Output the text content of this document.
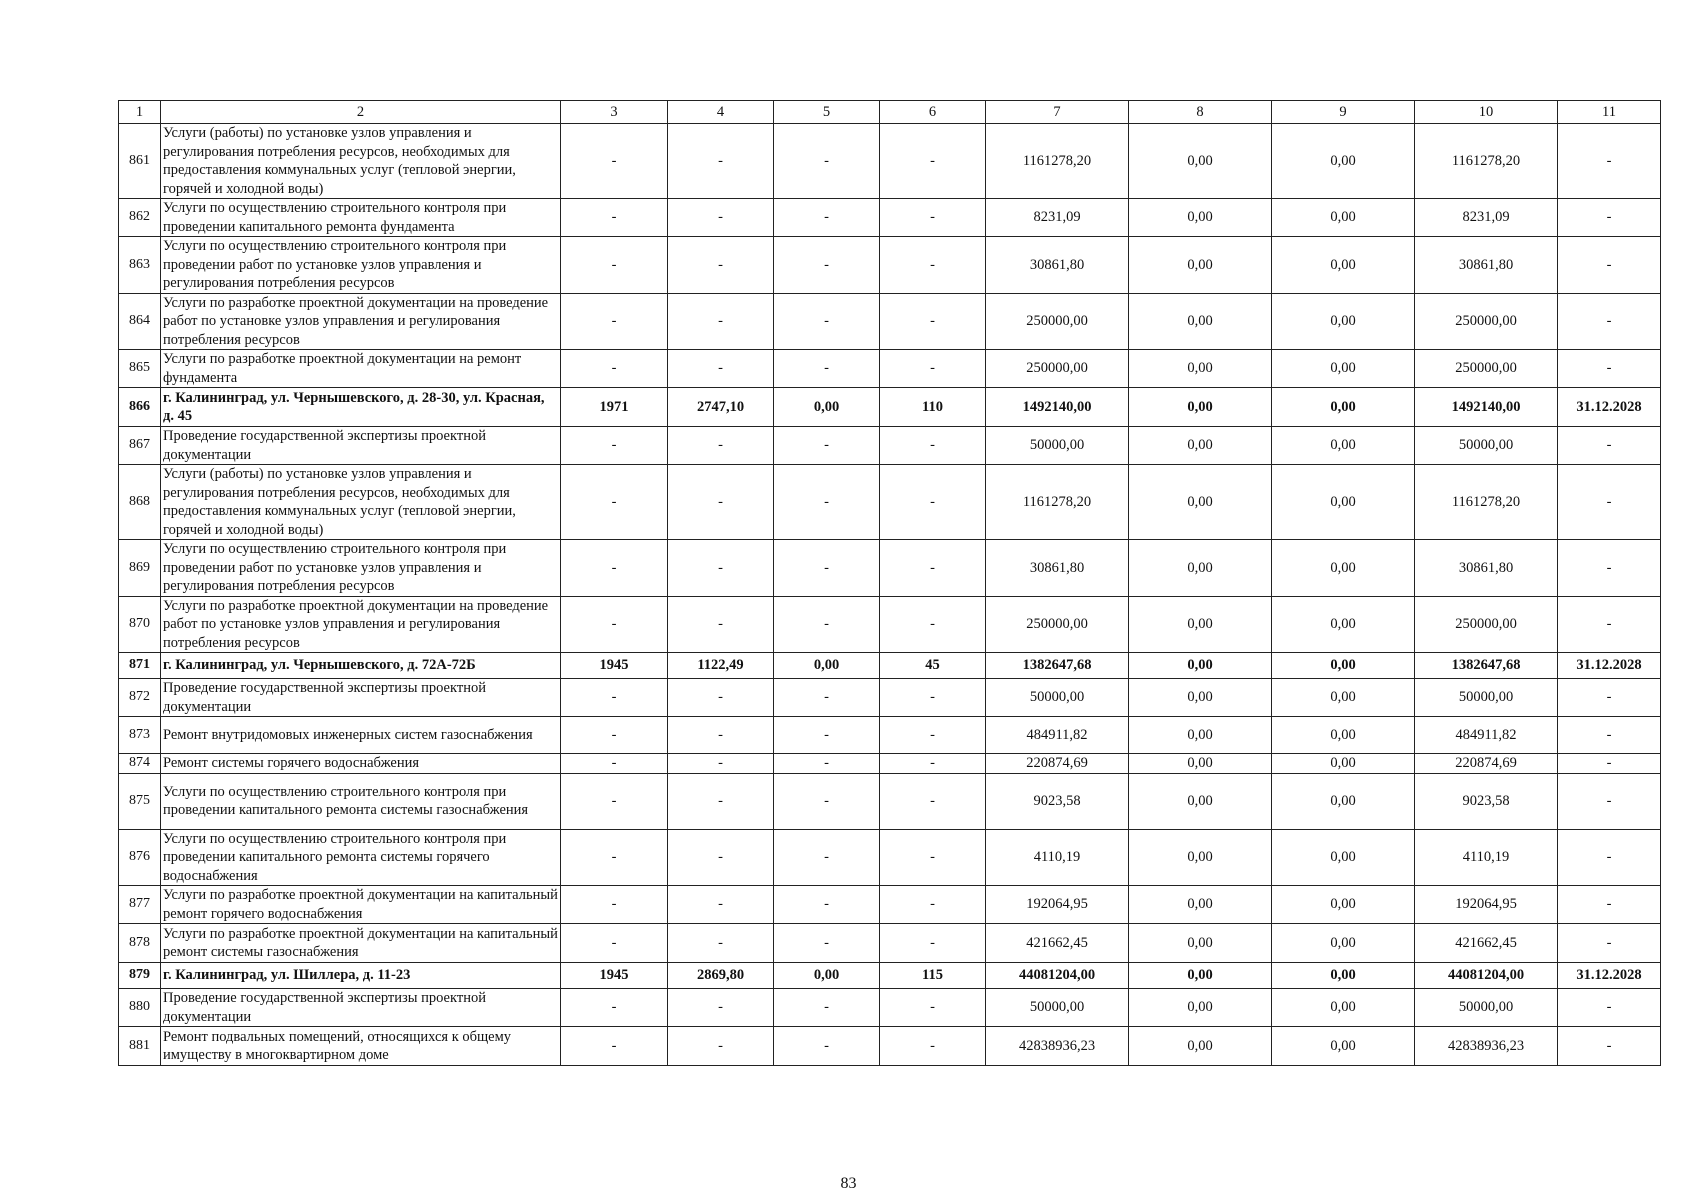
1	2	3	4	5	6	7	8	9	10	11
861	Услуги (работы) по установке узлов управления и регулирования потребления ресурсов, необходимых для предоставления коммунальных услуг (тепловой энергии, горячей и холодной воды)	-	-	-	-	1161278,20	0,00	0,00	1161278,20	-
862	Услуги по осуществлению строительного контроля при проведении капитального ремонта фундамента	-	-	-	-	8231,09	0,00	0,00	8231,09	-
863	Услуги по осуществлению строительного контроля при проведении работ по установке узлов управления и регулирования потребления ресурсов	-	-	-	-	30861,80	0,00	0,00	30861,80	-
864	Услуги по разработке проектной документации на проведение работ по установке узлов управления и регулирования потребления ресурсов	-	-	-	-	250000,00	0,00	0,00	250000,00	-
865	Услуги по разработке проектной документации на ремонт фундамента	-	-	-	-	250000,00	0,00	0,00	250000,00	-
866	г. Калининград, ул. Чернышевского, д. 28-30, ул. Красная, д. 45	1971	2747,10	0,00	110	1492140,00	0,00	0,00	1492140,00	31.12.2028
867	Проведение государственной экспертизы проектной документации	-	-	-	-	50000,00	0,00	0,00	50000,00	-
868	Услуги (работы) по установке узлов управления и регулирования потребления ресурсов, необходимых для предоставления коммунальных услуг (тепловой энергии, горячей и холодной воды)	-	-	-	-	1161278,20	0,00	0,00	1161278,20	-
869	Услуги по осуществлению строительного контроля при проведении работ по установке узлов управления и регулирования потребления ресурсов	-	-	-	-	30861,80	0,00	0,00	30861,80	-
870	Услуги по разработке проектной документации на проведение работ по установке узлов управления и регулирования потребления ресурсов	-	-	-	-	250000,00	0,00	0,00	250000,00	-
871	г. Калининград, ул. Чернышевского, д. 72А-72Б	1945	1122,49	0,00	45	1382647,68	0,00	0,00	1382647,68	31.12.2028
872	Проведение государственной экспертизы проектной документации	-	-	-	-	50000,00	0,00	0,00	50000,00	-
873	Ремонт внутридомовых инженерных систем газоснабжения	-	-	-	-	484911,82	0,00	0,00	484911,82	-
874	Ремонт системы горячего водоснабжения	-	-	-	-	220874,69	0,00	0,00	220874,69	-
875	Услуги по осуществлению строительного контроля при проведении капитального ремонта системы газоснабжения	-	-	-	-	9023,58	0,00	0,00	9023,58	-
876	Услуги по осуществлению строительного контроля при проведении капитального ремонта системы горячего водоснабжения	-	-	-	-	4110,19	0,00	0,00	4110,19	-
877	Услуги по разработке проектной документации на капитальный ремонт горячего водоснабжения	-	-	-	-	192064,95	0,00	0,00	192064,95	-
878	Услуги по разработке проектной документации на капитальный ремонт системы газоснабжения	-	-	-	-	421662,45	0,00	0,00	421662,45	-
879	г. Калининград, ул. Шиллера, д. 11-23	1945	2869,80	0,00	115	44081204,00	0,00	0,00	44081204,00	31.12.2028
880	Проведение государственной экспертизы проектной документации	-	-	-	-	50000,00	0,00	0,00	50000,00	-
881	Ремонт подвальных помещений, относящихся к общему имуществу в многоквартирном доме	-	-	-	-	42838936,23	0,00	0,00	42838936,23	-
83
